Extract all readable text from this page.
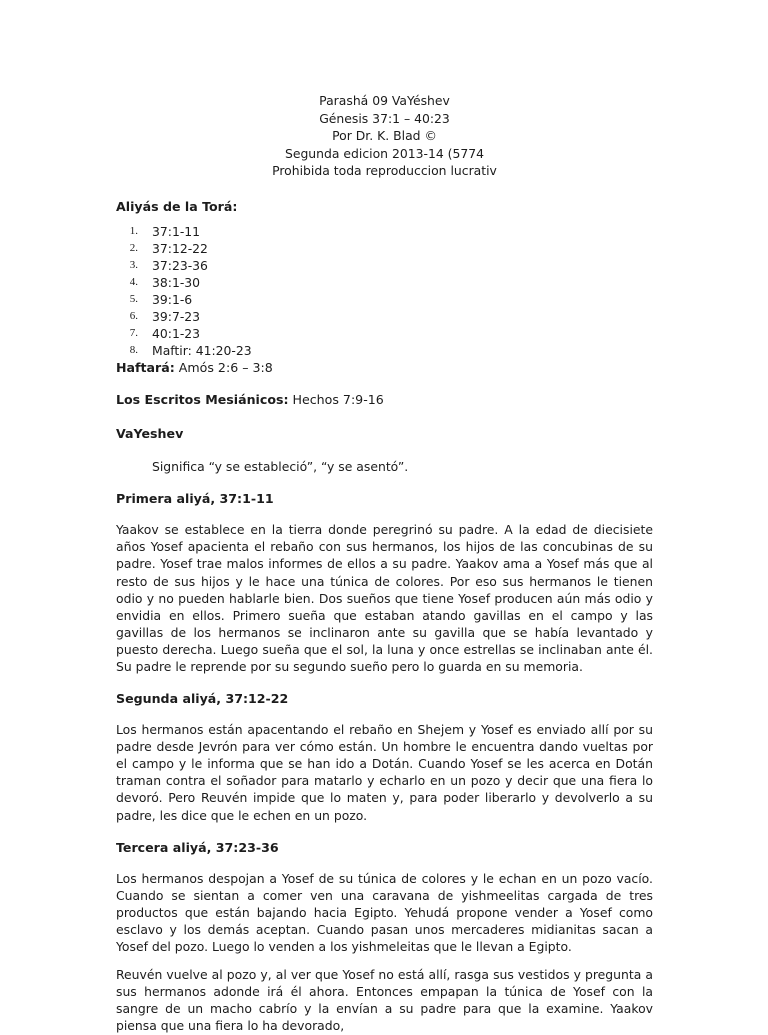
Parashá 09 VaYéshev
Génesis 37:1 – 40:23
Por Dr. K. Blad ©
Segunda edicion 2013-14 (5774
Prohibida toda reproduccion lucrativ
Aliyás de la Torá:
1.	37:1-11
2.	37:12-22
3.	37:23-36
4.	38:1-30
5.	39:1-6
6.	39:7-23
7.	40:1-23
8.	Maftir: 41:20-23
Haftará: Amós 2:6 – 3:8
Los Escritos Mesiánicos: Hechos 7:9-16
VaYeshev

Significa “y se estableció”, “y se asentó”.

Primera aliyá, 37:1-11

Yaakov se establece en la tierra donde peregrinó su padre. A la edad de diecisiete años Yosef apacienta el rebaño con sus hermanos, los hijos de las concubinas de su padre. Yosef trae malos informes de ellos a su padre. Yaakov ama a Yosef más que al resto de sus hijos y le hace una túnica de colores. Por eso sus hermanos le tienen odio y no pueden hablarle bien. Dos sueños que tiene Yosef producen aún más odio y envidia en ellos. Primero sueña que estaban atando gavillas en el campo y las gavillas de los hermanos se inclinaron ante su gavilla que se había levantado y puesto derecha. Luego sueña que el sol, la luna y once estrellas se inclinaban ante él. Su padre le reprende por su segundo sueño pero lo guarda en su memoria.

Segunda aliyá, 37:12-22

Los hermanos están apacentando el rebaño en Shejem y Yosef es enviado allí por su padre desde Jevrón para ver cómo están. Un hombre le encuentra dando vueltas por el campo y le informa que se han ido a Dotán. Cuando Yosef se les acerca en Dotán traman contra el soñador para matarlo y echarlo en un pozo y decir que una fiera lo devoró. Pero Reuvén impide que lo maten y, para poder liberarlo y devolverlo a su padre, les dice que le echen en un pozo.

Tercera aliyá, 37:23-36

Los hermanos despojan a Yosef de su túnica de colores y le echan en un pozo vacío. Cuando se sientan a comer ven una caravana de yishmeelitas cargada de tres productos que están bajando hacia Egipto. Yehudá propone vender a Yosef como esclavo y los demás aceptan. Cuando pasan unos mercaderes midianitas sacan a Yosef del pozo. Luego lo venden a los yishmeleitas que le llevan a Egipto.

Reuvén vuelve al pozo y, al ver que Yosef no está allí, rasga sus vestidos y pregunta a sus hermanos adonde irá él ahora. Entonces empapan la túnica de Yosef con la sangre de un macho cabrío y la envían a su padre para que la examine. Yaakov piensa que una fiera lo ha devorado,
